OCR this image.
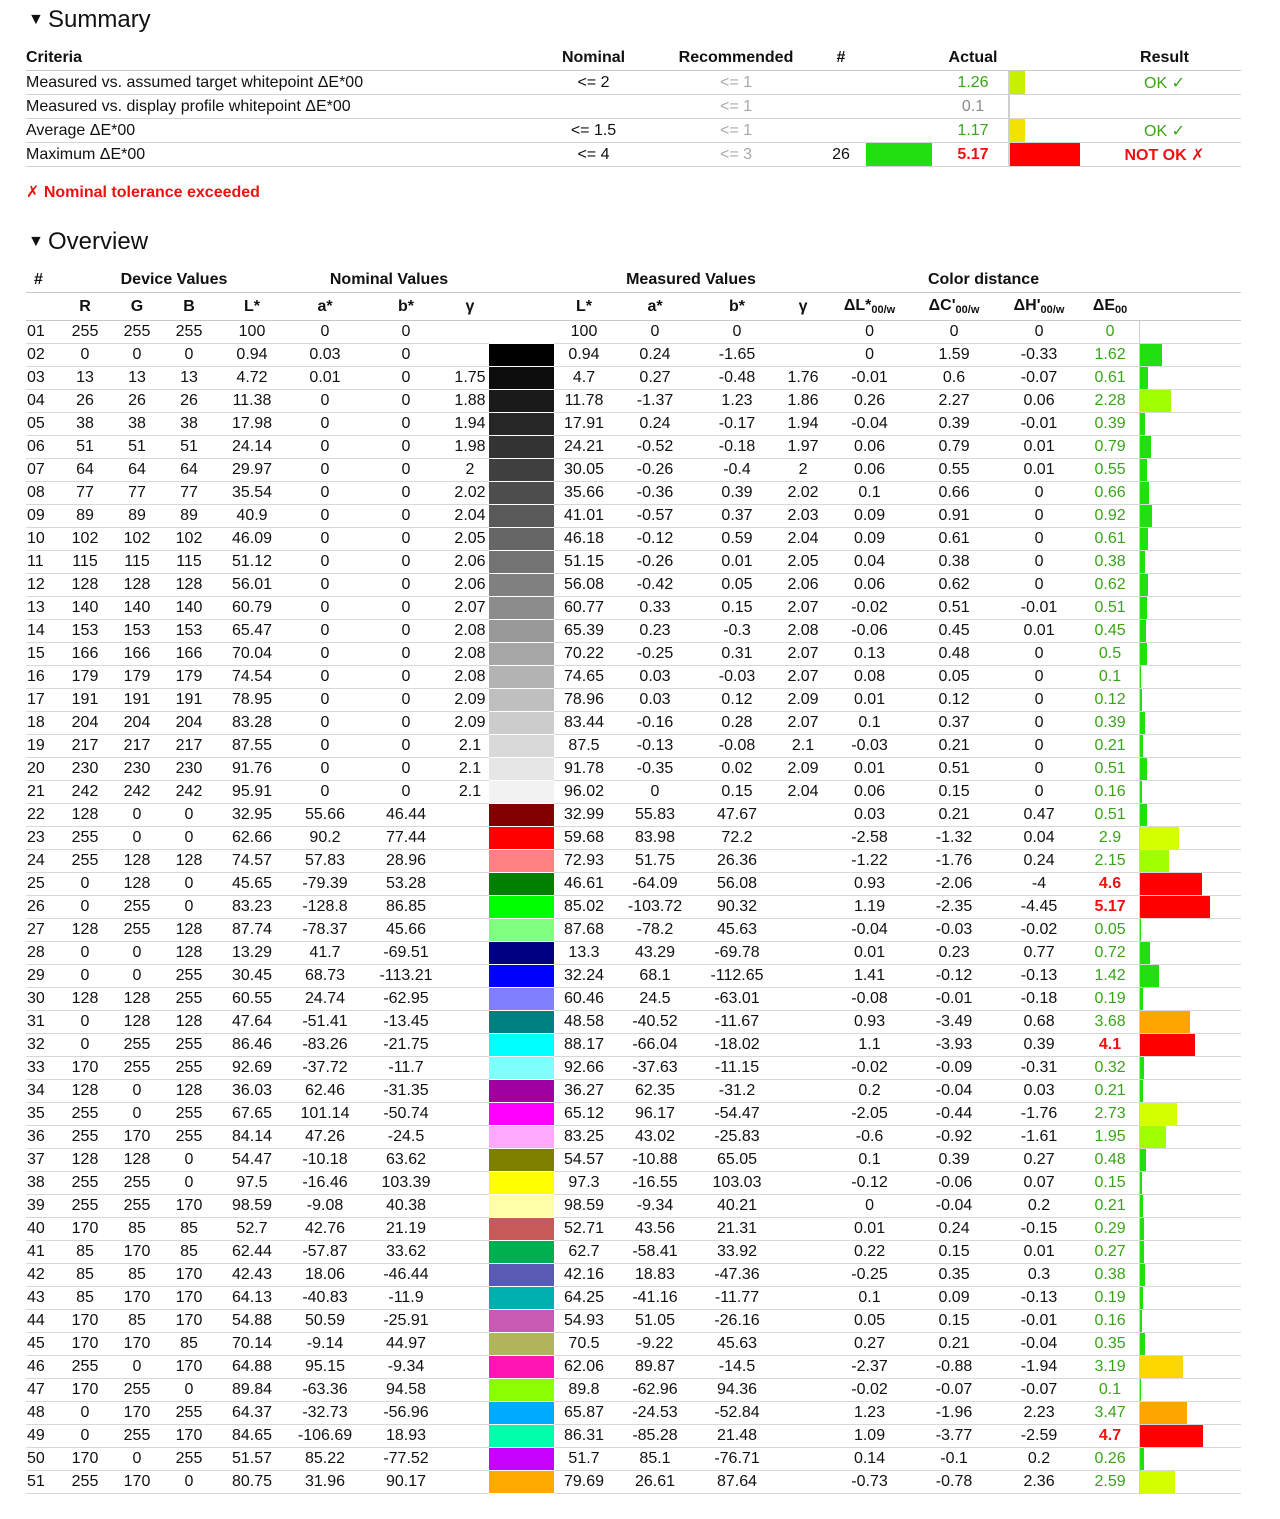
▼ Summary
Criteria	Nominal	Recommended	#		Actual		Result
Measured vs. assumed target whitepoint ΔE*00	<= 2	<= 1			1.26		OK ✓
Measured vs. display profile whitepoint ΔE*00		<= 1			0.1	

Average ΔE*00	<= 1.5	<= 1			1.17		OK ✓
Maximum ΔE*00	<= 4	<= 3	26		5.17		NOT OK ✗
✗ Nominal tolerance exceeded
▼ Overview
#	Device Values				Nominal Values				Measured Values				Color distance				
	R	G	B	L*	a*	b*	γ		L*	a*	b*	γ	$\Delta L*_{00/w}$	$\Delta C'_{00/w}$	$\Delta H'_{00/w}$	$\Delta E_{00}$	
01	255	255	255	100	0	0			100	0	0		0	0	0	0	

02	0	0	0	0.94	0.03	0			0.94	0.24	-1.65		0	1.59	-0.33	1.62	

03	13	13	13	4.72	0.01	0	1.75		4.7	0.27	-0.48	1.76	-0.01	0.6	-0.07	0.61	

04	26	26	26	11.38	0	0	1.88		11.78	-1.37	1.23	1.86	0.26	2.27	0.06	2.28	

05	38	38	38	17.98	0	0	1.94		17.91	0.24	-0.17	1.94	-0.04	0.39	-0.01	0.39	

06	51	51	51	24.14	0	0	1.98		24.21	-0.52	-0.18	1.97	0.06	0.79	0.01	0.79	

07	64	64	64	29.97	0	0	2		30.05	-0.26	-0.4	2	0.06	0.55	0.01	0.55	

08	77	77	77	35.54	0	0	2.02		35.66	-0.36	0.39	2.02	0.1	0.66	0	0.66	

09	89	89	89	40.9	0	0	2.04		41.01	-0.57	0.37	2.03	0.09	0.91	0	0.92	

10	102	102	102	46.09	0	0	2.05		46.18	-0.12	0.59	2.04	0.09	0.61	0	0.61	

11	115	115	115	51.12	0	0	2.06		51.15	-0.26	0.01	2.05	0.04	0.38	0	0.38	

12	128	128	128	56.01	0	0	2.06		56.08	-0.42	0.05	2.06	0.06	0.62	0	0.62	

13	140	140	140	60.79	0	0	2.07		60.77	0.33	0.15	2.07	-0.02	0.51	-0.01	0.51	

14	153	153	153	65.47	0	0	2.08		65.39	0.23	-0.3	2.08	-0.06	0.45	0.01	0.45	

15	166	166	166	70.04	0	0	2.08		70.22	-0.25	0.31	2.07	0.13	0.48	0	0.5	

16	179	179	179	74.54	0	0	2.08		74.65	0.03	-0.03	2.07	0.08	0.05	0	0.1	

17	191	191	191	78.95	0	0	2.09		78.96	0.03	0.12	2.09	0.01	0.12	0	0.12	

18	204	204	204	83.28	0	0	2.09		83.44	-0.16	0.28	2.07	0.1	0.37	0	0.39	

19	217	217	217	87.55	0	0	2.1		87.5	-0.13	-0.08	2.1	-0.03	0.21	0	0.21	

20	230	230	230	91.76	0	0	2.1		91.78	-0.35	0.02	2.09	0.01	0.51	0	0.51	

21	242	242	242	95.91	0	0	2.1		96.02	0	0.15	2.04	0.06	0.15	0	0.16	

22	128	0	0	32.95	55.66	46.44			32.99	55.83	47.67		0.03	0.21	0.47	0.51	

23	255	0	0	62.66	90.2	77.44			59.68	83.98	72.2		-2.58	-1.32	0.04	2.9	

24	255	128	128	74.57	57.83	28.96			72.93	51.75	26.36		-1.22	-1.76	0.24	2.15	

25	0	128	0	45.65	-79.39	53.28			46.61	-64.09	56.08		0.93	-2.06	-4	4.6	

26	0	255	0	83.23	-128.8	86.85			85.02	-103.72	90.32		1.19	-2.35	-4.45	5.17	

27	128	255	128	87.74	-78.37	45.66			87.68	-78.2	45.63		-0.04	-0.03	-0.02	0.05	

28	0	0	128	13.29	41.7	-69.51			13.3	43.29	-69.78		0.01	0.23	0.77	0.72	

29	0	0	255	30.45	68.73	-113.21			32.24	68.1	-112.65		1.41	-0.12	-0.13	1.42	

30	128	128	255	60.55	24.74	-62.95			60.46	24.5	-63.01		-0.08	-0.01	-0.18	0.19	

31	0	128	128	47.64	-51.41	-13.45			48.58	-40.52	-11.67		0.93	-3.49	0.68	3.68	

32	0	255	255	86.46	-83.26	-21.75			88.17	-66.04	-18.02		1.1	-3.93	0.39	4.1	

33	170	255	255	92.69	-37.72	-11.7			92.66	-37.63	-11.15		-0.02	-0.09	-0.31	0.32	

34	128	0	128	36.03	62.46	-31.35			36.27	62.35	-31.2		0.2	-0.04	0.03	0.21	

35	255	0	255	67.65	101.14	-50.74			65.12	96.17	-54.47		-2.05	-0.44	-1.76	2.73	

36	255	170	255	84.14	47.26	-24.5			83.25	43.02	-25.83		-0.6	-0.92	-1.61	1.95	

37	128	128	0	54.47	-10.18	63.62			54.57	-10.88	65.05		0.1	0.39	0.27	0.48	

38	255	255	0	97.5	-16.46	103.39			97.3	-16.55	103.03		-0.12	-0.06	0.07	0.15	

39	255	255	170	98.59	-9.08	40.38			98.59	-9.34	40.21		0	-0.04	0.2	0.21	

40	170	85	85	52.7	42.76	21.19			52.71	43.56	21.31		0.01	0.24	-0.15	0.29	

41	85	170	85	62.44	-57.87	33.62			62.7	-58.41	33.92		0.22	0.15	0.01	0.27	

42	85	85	170	42.43	18.06	-46.44			42.16	18.83	-47.36		-0.25	0.35	0.3	0.38	

43	85	170	170	64.13	-40.83	-11.9			64.25	-41.16	-11.77		0.1	0.09	-0.13	0.19	

44	170	85	170	54.88	50.59	-25.91			54.93	51.05	-26.16		0.05	0.15	-0.01	0.16	

45	170	170	85	70.14	-9.14	44.97			70.5	-9.22	45.63		0.27	0.21	-0.04	0.35	

46	255	0	170	64.88	95.15	-9.34			62.06	89.87	-14.5		-2.37	-0.88	-1.94	3.19	

47	170	255	0	89.84	-63.36	94.58			89.8	-62.96	94.36		-0.02	-0.07	-0.07	0.1	

48	0	170	255	64.37	-32.73	-56.96			65.87	-24.53	-52.84		1.23	-1.96	2.23	3.47	

49	0	255	170	84.65	-106.69	18.93			86.31	-85.28	21.48		1.09	-3.77	-2.59	4.7	

50	170	0	255	51.57	85.22	-77.52			51.7	85.1	-76.71		0.14	-0.1	0.2	0.26	

51	255	170	0	80.75	31.96	90.17			79.69	26.61	87.64		-0.73	-0.78	2.36	2.59	
